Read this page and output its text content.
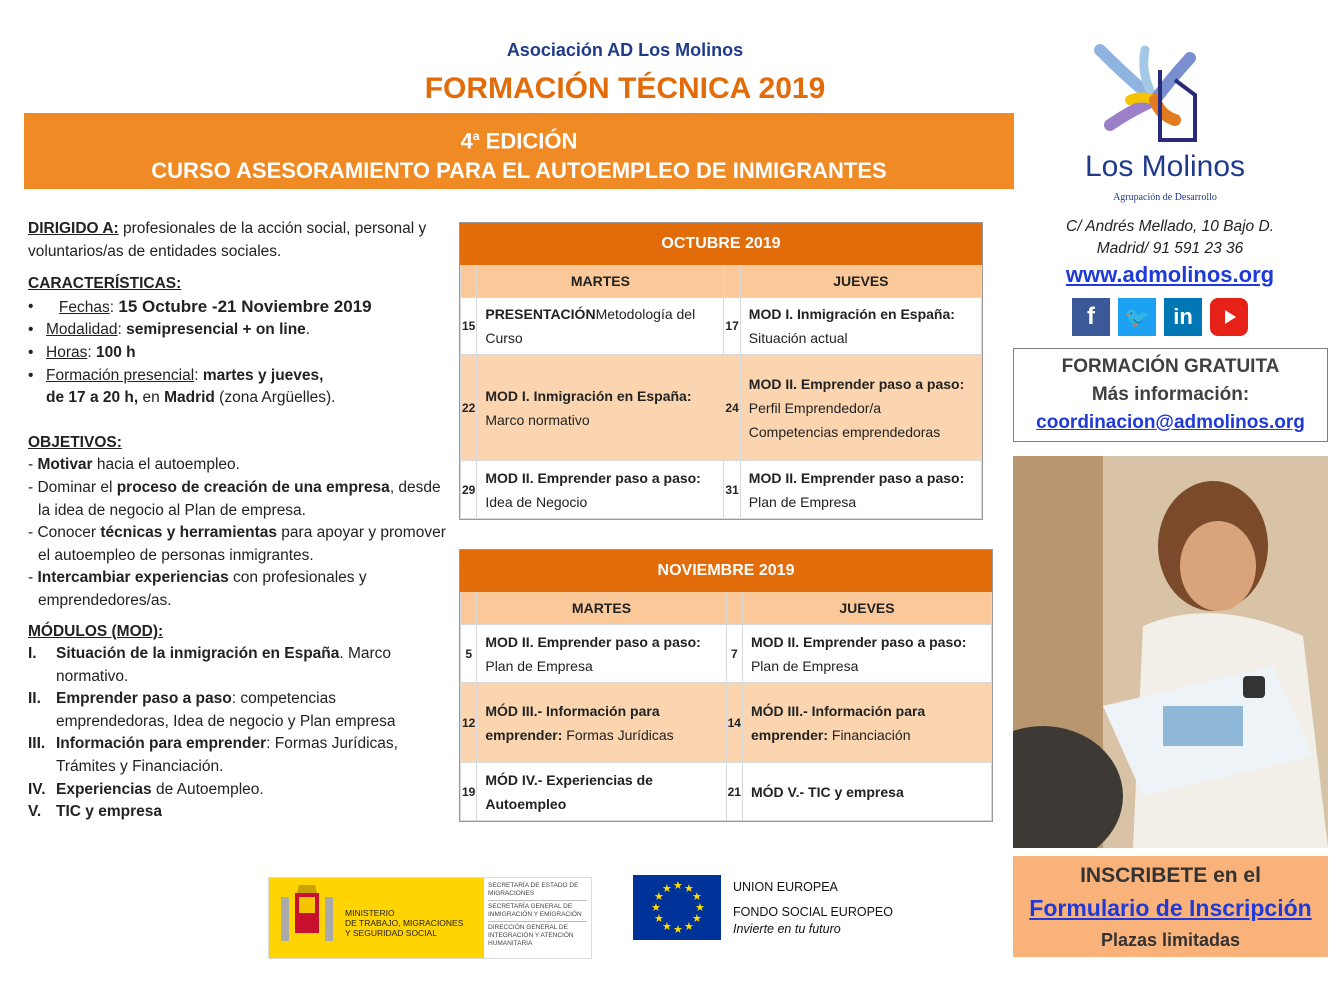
Asociación AD Los Molinos
FORMACIÓN TÉCNICA 2019
4$^a$ EDICIÓN
CURSO ASESORAMIENTO PARA EL AUTOEMPLEO DE INMIGRANTES

DIRIGIDO A: profesionales de la acción social, personal y voluntarios/as de entidades sociales.

CARACTERÍSTICAS:

•	Fechas: 15 Octubre -21 Noviembre 2019
• Modalidad: semipresencial + on line.
• Horas: 100 h
• Formación presencial: martes y jueves,
de 17 a 20 h, en Madrid (zona Argüelles).

OBJETIVOS:

- Motivar hacia el autoempleo.
- Dominar el proceso de creación de una empresa, desde la idea de negocio al Plan de empresa.
- Conocer técnicas y herramientas para apoyar y promover el autoempleo de personas inmigrantes.
- Intercambiar experiencias con profesionales y emprendedores/as.

MÓDULOS (MOD):

I.	Situación de la inmigración en España. Marco normativo.
II. Emprender paso a paso: competencias emprendedoras, Idea de negocio y Plan empresa
III. Información para emprender: Formas Jurídicas, Trámites y Financiación.
IV. Experiencias de Autoempleo.
V. TIC y empresa
OCTUBRE 2019			
	MARTES		JUEVES
15	PRESENTACIÓNMetodología del Curso	17	MOD I. Inmigración en España: Situación actual
22	MOD I. Inmigración en España: Marco normativo	24	MOD II. Emprender paso a paso: Perfil Emprendedor/a Competencias emprendedoras
29	MOD II. Emprender paso a paso: Idea de Negocio	31	MOD II. Emprender paso a paso: Plan de Empresa
NOVIEMBRE 2019			
	MARTES		JUEVES
5	MOD II. Emprender paso a paso: Plan de Empresa	7	MOD II. Emprender paso a paso: Plan de Empresa
12	MÓD III.- Información para emprender: Formas Jurídicas	14	MÓD III.- Información para emprender: Financiación
19	MÓD IV.- Experiencias de Autoempleo	21	MÓD V.- TIC y empresa
Los Molinos
Agrupación de Desarrollo
C/ Andrés Mellado, 10 Bajo D.
Madrid/ 91 591 23 36
www.admolinos.org
f	🐦	in
FORMACIÓN GRATUITA
Más información:
coordinacion@admolinos.org
INSCRIBETE en el
Formulario de Inscripción
Plazas limitadas
MINISTERIO
DE TRABAJO, MIGRACIONES
Y SEGURIDAD SOCIAL
SECRETARÍA DE ESTADO DE MIGRACIONES
SECRETARÍA GENERAL DE INMIGRACIÓN Y EMIGRACIÓN
DIRECCIÓN GENERAL DE INTEGRACIÓN Y ATENCIÓN HUMANITARIA
★
★
★
★
★
★
★
★
★ ★ ★
★
UNION EUROPEA
FONDO SOCIAL EUROPEO
Invierte en tu futuro
